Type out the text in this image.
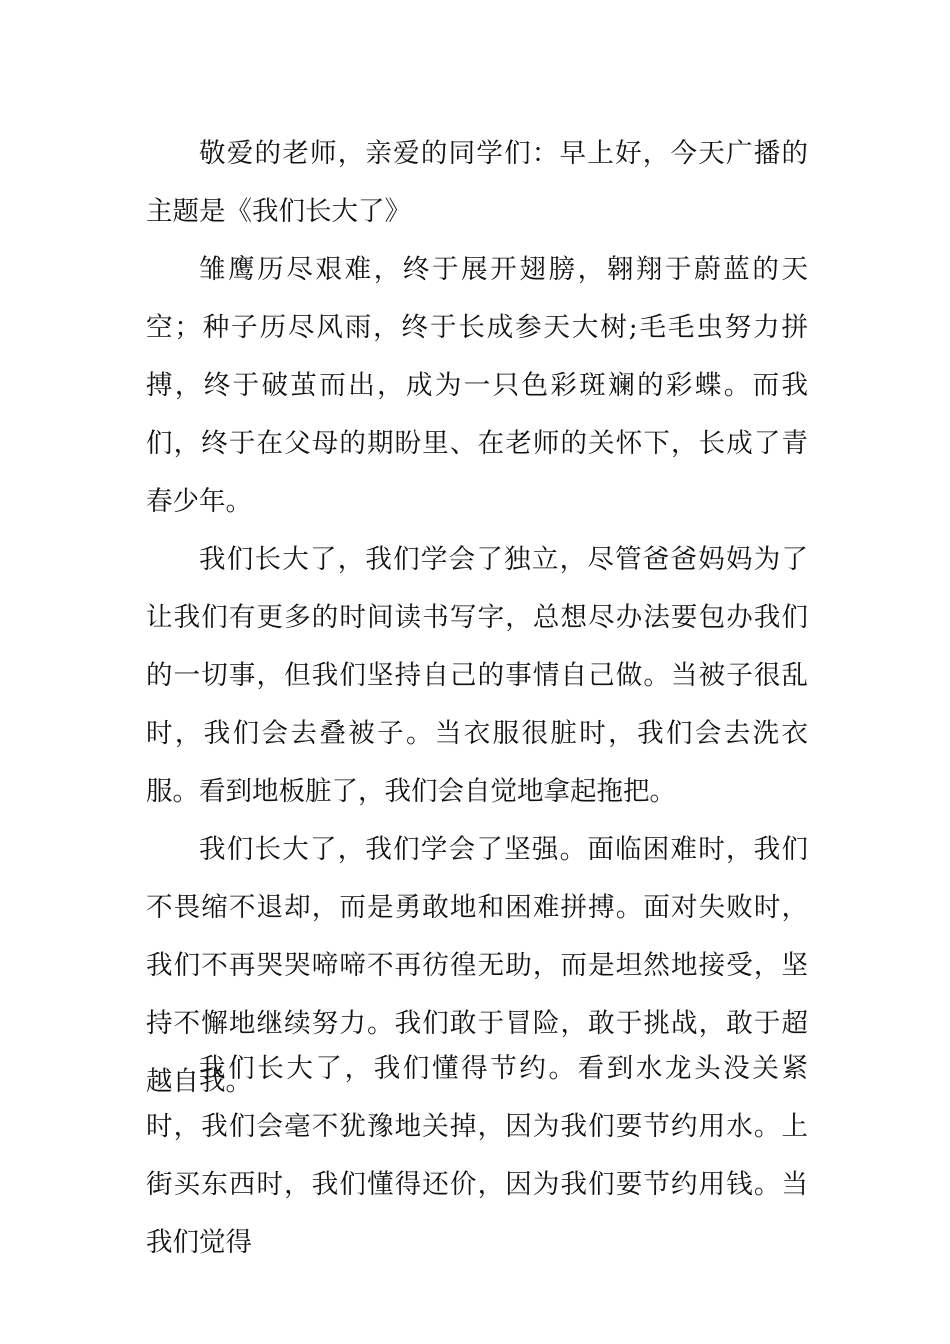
敬爱的老师，亲爱的同学们：早上好，今天广播的主题是《我们长大了》

雏鹰历尽艰难，终于展开翅膀，翱翔于蔚蓝的天空；种子历尽风雨，终于长成参天大树;毛毛虫努力拼搏，终于破茧而出，成为一只色彩斑斓的彩蝶。而我们，终于在父母的期盼里、在老师的关怀下，长成了青春少年。

我们长大了，我们学会了独立，尽管爸爸妈妈为了让我们有更多的时间读书写字，总想尽办法要包办我们的一切事，但我们坚持自己的事情自己做。当被子很乱时，我们会去叠被子。当衣服很脏时，我们会去洗衣服。看到地板脏了，我们会自觉地拿起拖把。

我们长大了，我们学会了坚强。面临困难时，我们不畏缩不退却，而是勇敢地和困难拼搏。面对失败时，我们不再哭哭啼啼不再彷徨无助，而是坦然地接受，坚持不懈地继续努力。我们敢于冒险，敢于挑战，敢于超越自我。

我们长大了，我们懂得节约。看到水龙头没关紧时，我们会毫不犹豫地关掉，因为我们要节约用水。上街买东西时，我们懂得还价，因为我们要节约用钱。当我们觉得
